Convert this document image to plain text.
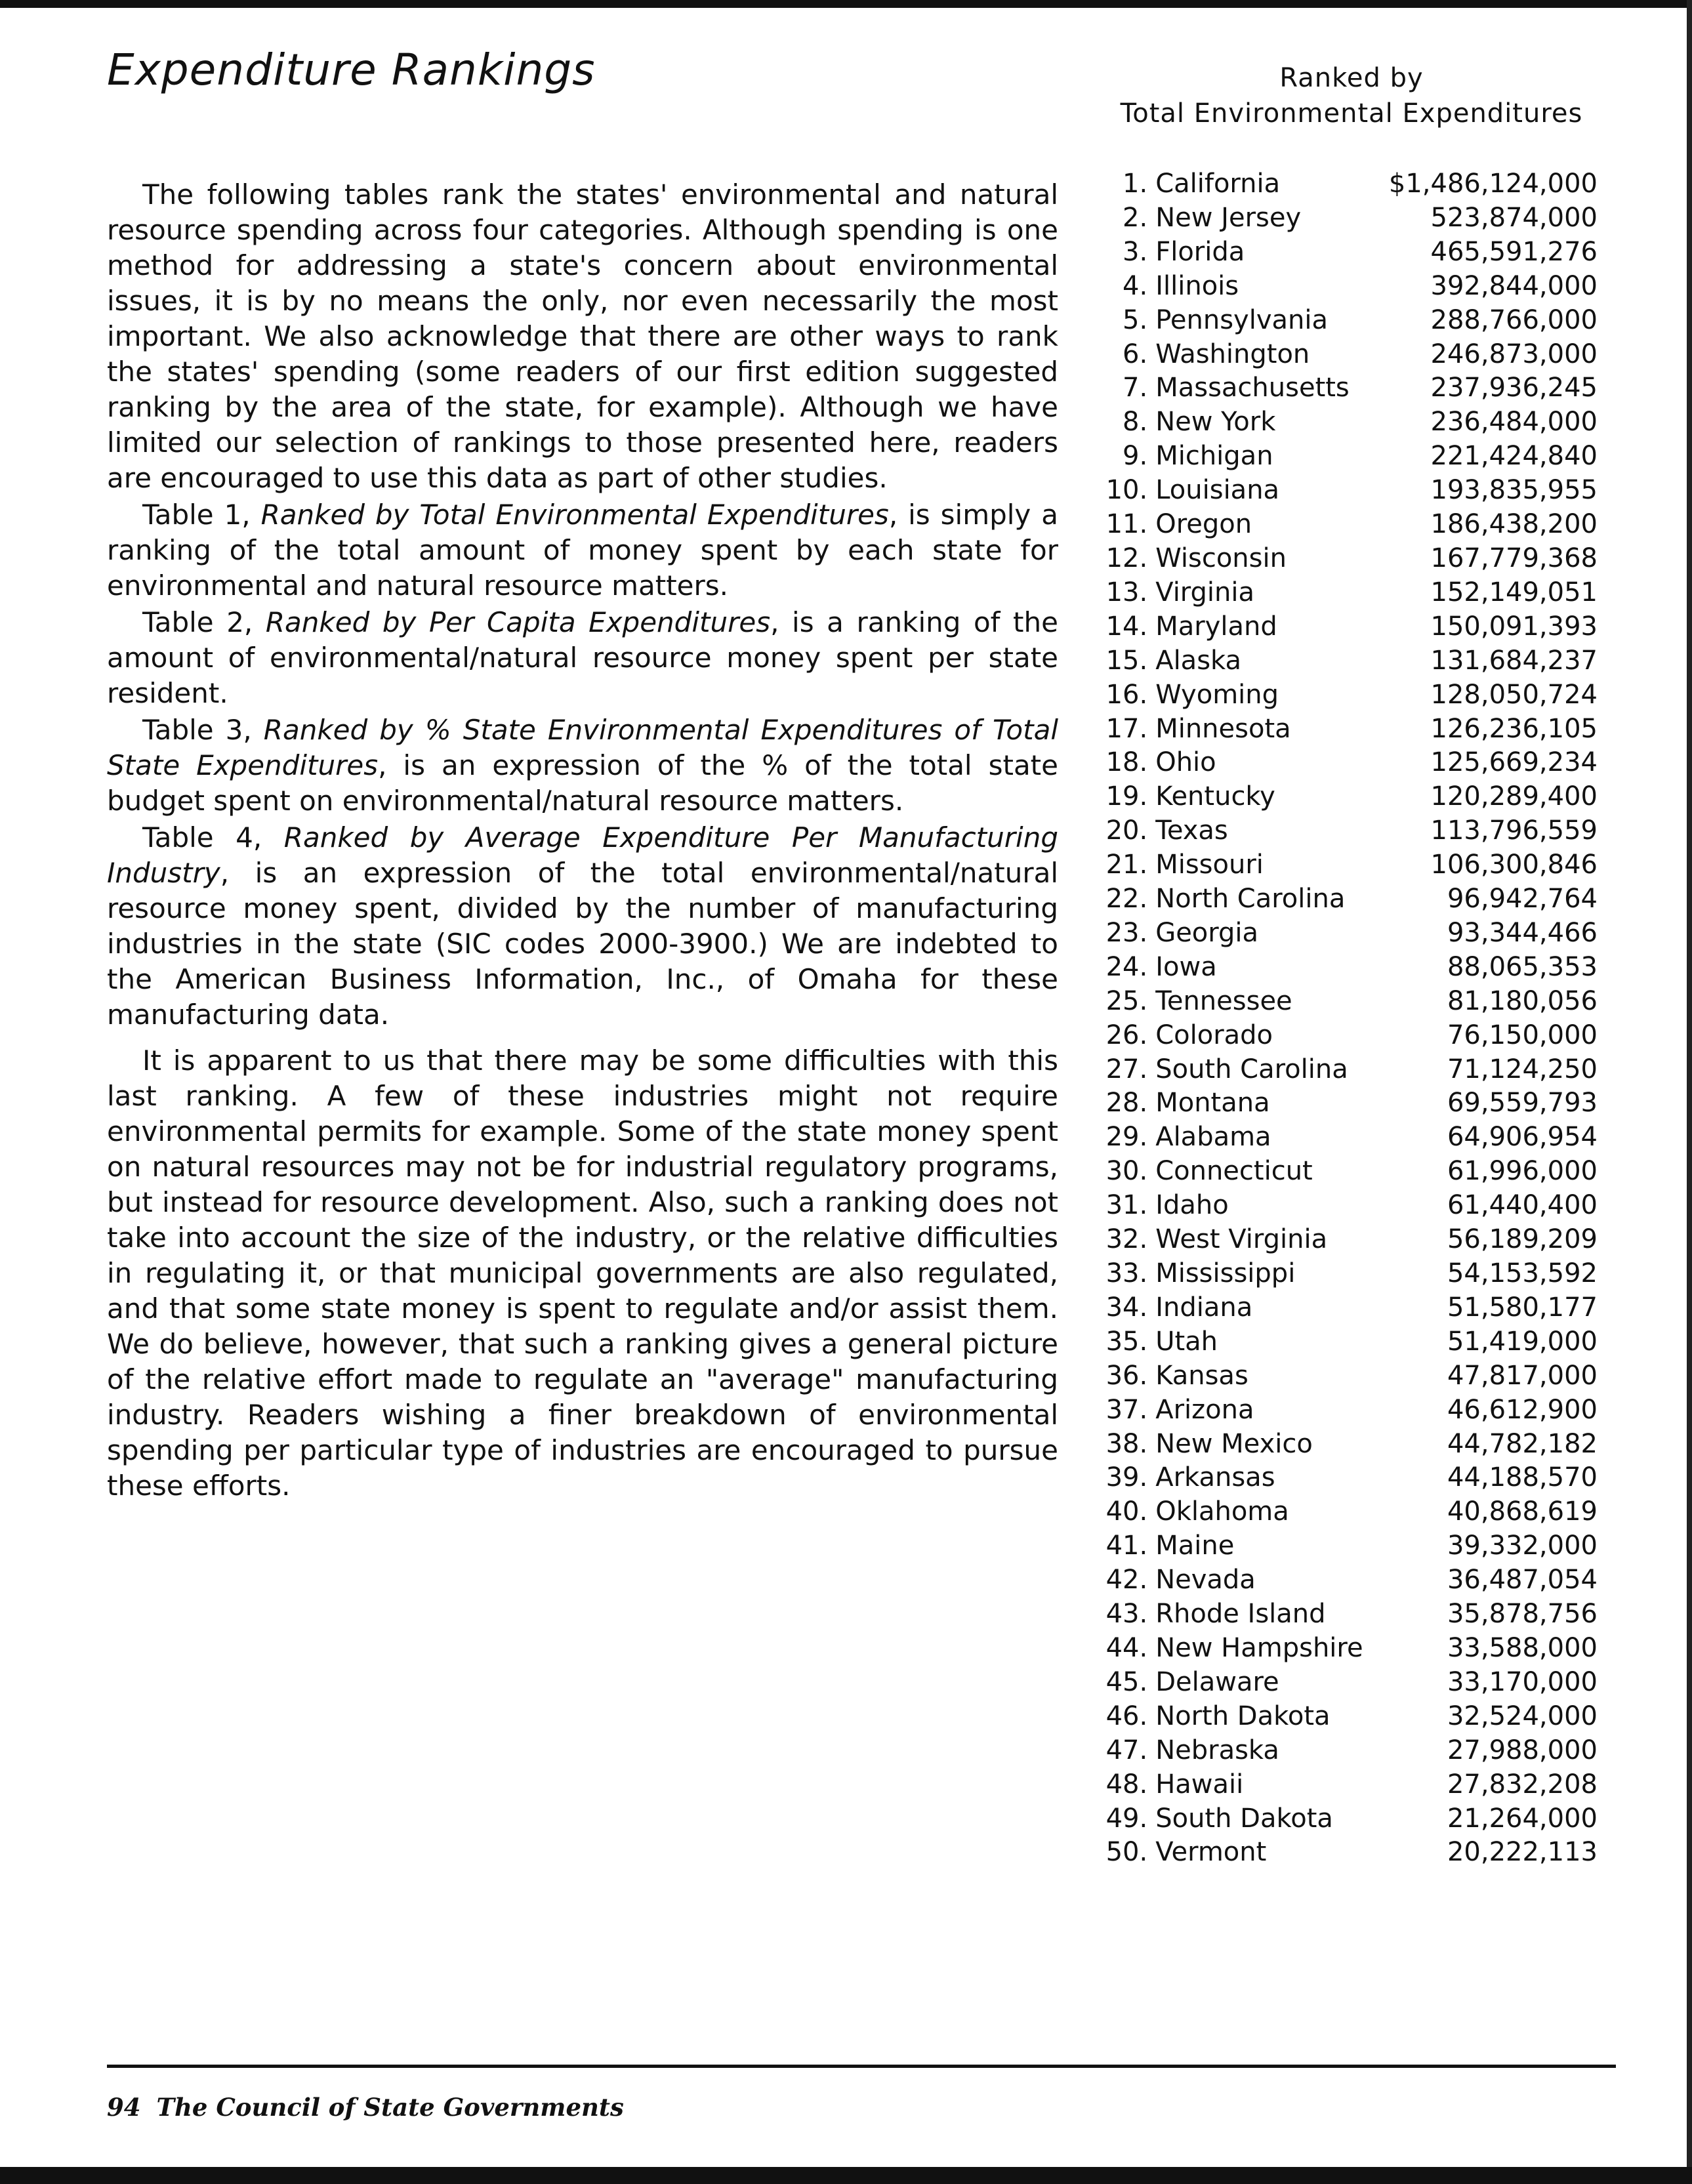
Expenditure Rankings

The following tables rank the states' environmental and natural resource spending across four categories. Although spending is one method for addressing a state's concern about environmental issues, it is by no means the only, nor even necessarily the most important. We also acknowledge that there are other ways to rank the states' spending (some readers of our first edition suggested ranking by the area of the state, for example). Although we have limited our selection of rankings to those presented here, readers are encouraged to use this data as part of other studies.

Table 1, Ranked by Total Environmental Expenditures, is simply a ranking of the total amount of money spent by each state for environmental and natural resource matters.

Table 2, Ranked by Per Capita Expenditures, is a ranking of the amount of environmental/natural resource money spent per state resident.

Table 3, Ranked by % State Environmental Expenditures of Total State Expenditures, is an expression of the % of the total state budget spent on environmental/natural resource matters.

Table 4, Ranked by Average Expenditure Per Manufacturing Industry, is an expression of the total environmental/natural resource money spent, divided by the number of manufacturing industries in the state (SIC codes 2000-3900.) We are indebted to the American Business Information, Inc., of Omaha for these manufacturing data.

It is apparent to us that there may be some difficulties with this last ranking. A few of these industries might not require environmental permits for example. Some of the state money spent on natural resources may not be for industrial regulatory programs, but instead for resource development. Also, such a ranking does not take into account the size of the industry, or the relative difficulties in regulating it, or that municipal governments are also regulated, and that some state money is spent to regulate and/or assist them. We do believe, however, that such a ranking gives a general picture of the relative effort made to regulate an "average" manufacturing industry. Readers wishing a finer breakdown of environmental spending per particular type of industries are encouraged to pursue these efforts.

Ranked by
Total Environmental Expenditures
1.	California	$1,486,124,000
2.	New Jersey	523,874,000
3.	Florida	465,591,276
4.	Illinois	392,844,000
5.	Pennsylvania	288,766,000
6.	Washington	246,873,000
7.	Massachusetts	237,936,245
8.	New York	236,484,000
9.	Michigan	221,424,840
10.	Louisiana	193,835,955
11.	Oregon	186,438,200
12.	Wisconsin	167,779,368
13.	Virginia	152,149,051
14.	Maryland	150,091,393
15.	Alaska	131,684,237
16.	Wyoming	128,050,724
17.	Minnesota	126,236,105
18.	Ohio	125,669,234
19.	Kentucky	120,289,400
20.	Texas	113,796,559
21.	Missouri	106,300,846
22.	North Carolina	96,942,764
23.	Georgia	93,344,466
24.	Iowa	88,065,353
25.	Tennessee	81,180,056
26.	Colorado	76,150,000
27.	South Carolina	71,124,250
28.	Montana	69,559,793
29.	Alabama	64,906,954
30.	Connecticut	61,996,000
31.	Idaho	61,440,400
32.	West Virginia	56,189,209
33.	Mississippi	54,153,592
34.	Indiana	51,580,177
35.	Utah	51,419,000
36.	Kansas	47,817,000
37.	Arizona	46,612,900
38.	New Mexico	44,782,182
39.	Arkansas	44,188,570
40.	Oklahoma	40,868,619
41.	Maine	39,332,000
42.	Nevada	36,487,054
43.	Rhode Island	35,878,756
44.	New Hampshire	33,588,000
45.	Delaware	33,170,000
46.	North Dakota	32,524,000
47.	Nebraska	27,988,000
48.	Hawaii	27,832,208
49.	South Dakota	21,264,000
50.	Vermont	20,222,113

94 The Council of State Governments
